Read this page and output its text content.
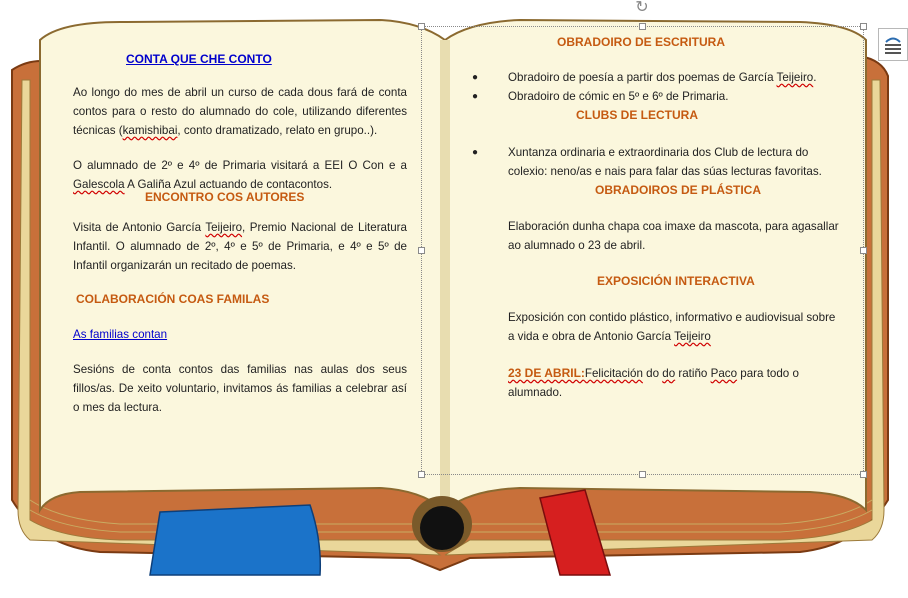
CONTA QUE CHE CONTO

Ao longo do mes de abril un curso de cada dous fará de conta contos para o resto do alumnado do cole, utilizando diferentes técnicas (kamishibai, conto dramatizado, relato en grupo..).

O alumnado de 2º e 4º de Primaria visitará a EEI O Con e a Galescola A Galiña Azul actuando de contacontos.

ENCONTRO COS AUTORES

Visita de Antonio García Teijeiro, Premio Nacional de Literatura Infantil. O alumnado de 2º, 4º e 5º de Primaria, e 4º e 5º de Infantil organizarán un recitado de poemas.

COLABORACIÓN COAS FAMILAS

As familias contan

Sesións de conta contos das familias nas aulas dos seus fillos/as. De xeito voluntario, invitamos ás familias a celebrar así o mes da lectura.

OBRADOIRO DE ESCRITURA

●	Obradoiro de poesía a partir dos poemas de García Teijeiro.
●	Obradoiro de cómic en 5º e 6º de Primaria.

CLUBS DE LECTURA

●	Xuntanza ordinaria e extraordinaria dos Club de lectura do colexio: neno/as e nais para falar das súas lecturas favoritas.

OBRADOIROS DE PLÁSTICA

Elaboración dunha chapa coa imaxe da mascota, para agasallar ao alumnado o 23 de abril.

EXPOSICIÓN INTERACTIVA

Exposición con contido plástico, informativo e audiovisual sobre a vida e obra de Antonio García Teijeiro

23 DE ABRIL:Felicitación do do ratiño Paco para todo o alumnado.

↻
